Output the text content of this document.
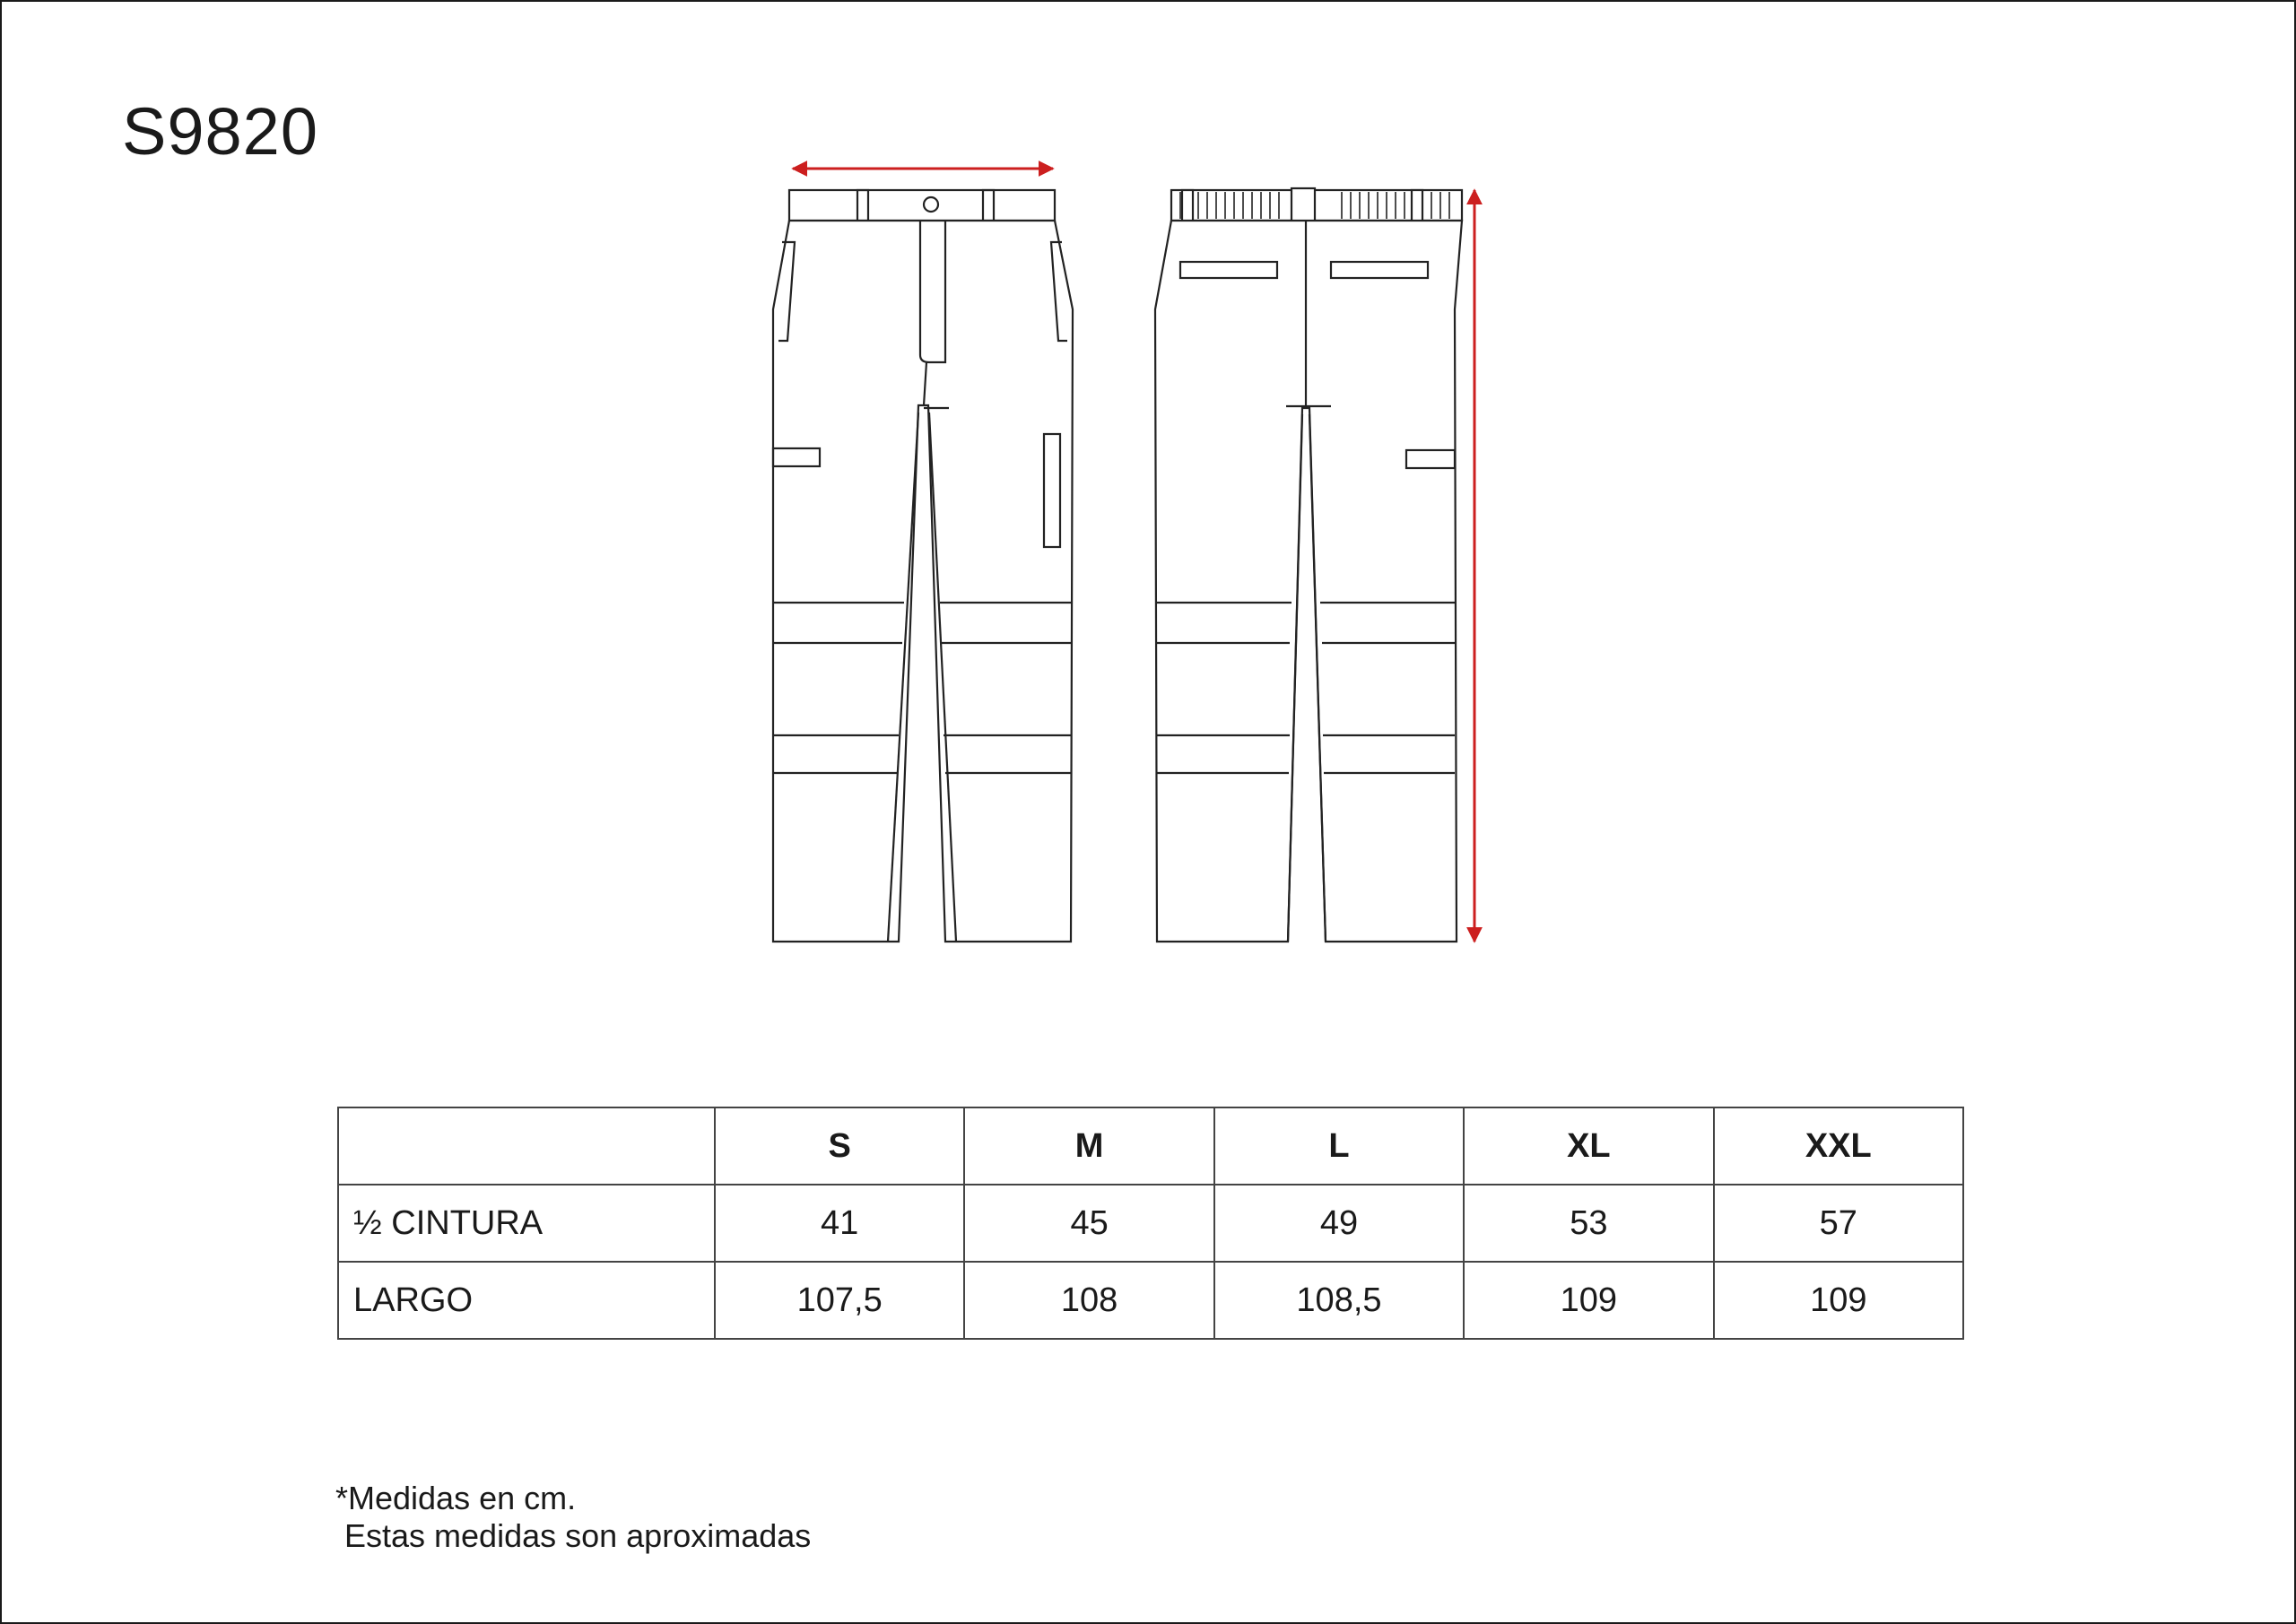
S9820
	S	M	L	XL	XXL
½ CINTURA	41	45	49	53	57
LARGO	107,5	108	108,5	109	109
*Medidas en cm.
Estas medidas son aproximadas
